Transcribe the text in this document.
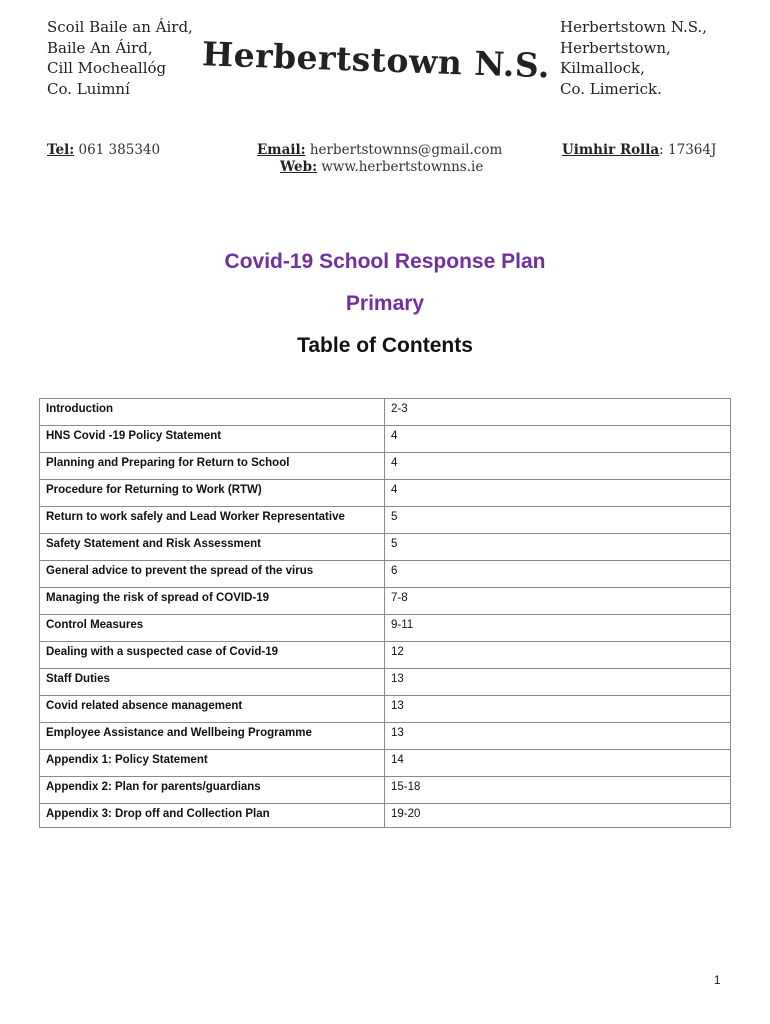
Scoil Baile an Áird,
Baile An Áird,
Cill Mocheallóg
Co. Luimní
Herbertstown N.S.
Herbertstown N.S.,
Herbertstown,
Kilmallock,
Co. Limerick.
Tel: 061 385340	Email: herbertstownns@gmail.com
Web: www.herbertstownns.ie
Uimhir Rolla: 17364J
Covid-19 School Response Plan
Primary
Table of Contents
Introduction	2-3
HNS Covid -19 Policy Statement	4
Planning and Preparing for Return to School	4
Procedure for Returning to Work (RTW)	4
Return to work safely and Lead Worker Representative	5
Safety Statement and Risk Assessment	5
General advice to prevent the spread of the virus	6
Managing the risk of spread of COVID-19	7-8
Control Measures	9-11
Dealing with a suspected case of Covid-19	12
Staff Duties	13
Covid related absence management	13
Employee Assistance and Wellbeing Programme	13
Appendix 1: Policy Statement	14
Appendix 2: Plan for parents/guardians	15-18
Appendix 3: Drop off and Collection Plan	19-20
1
